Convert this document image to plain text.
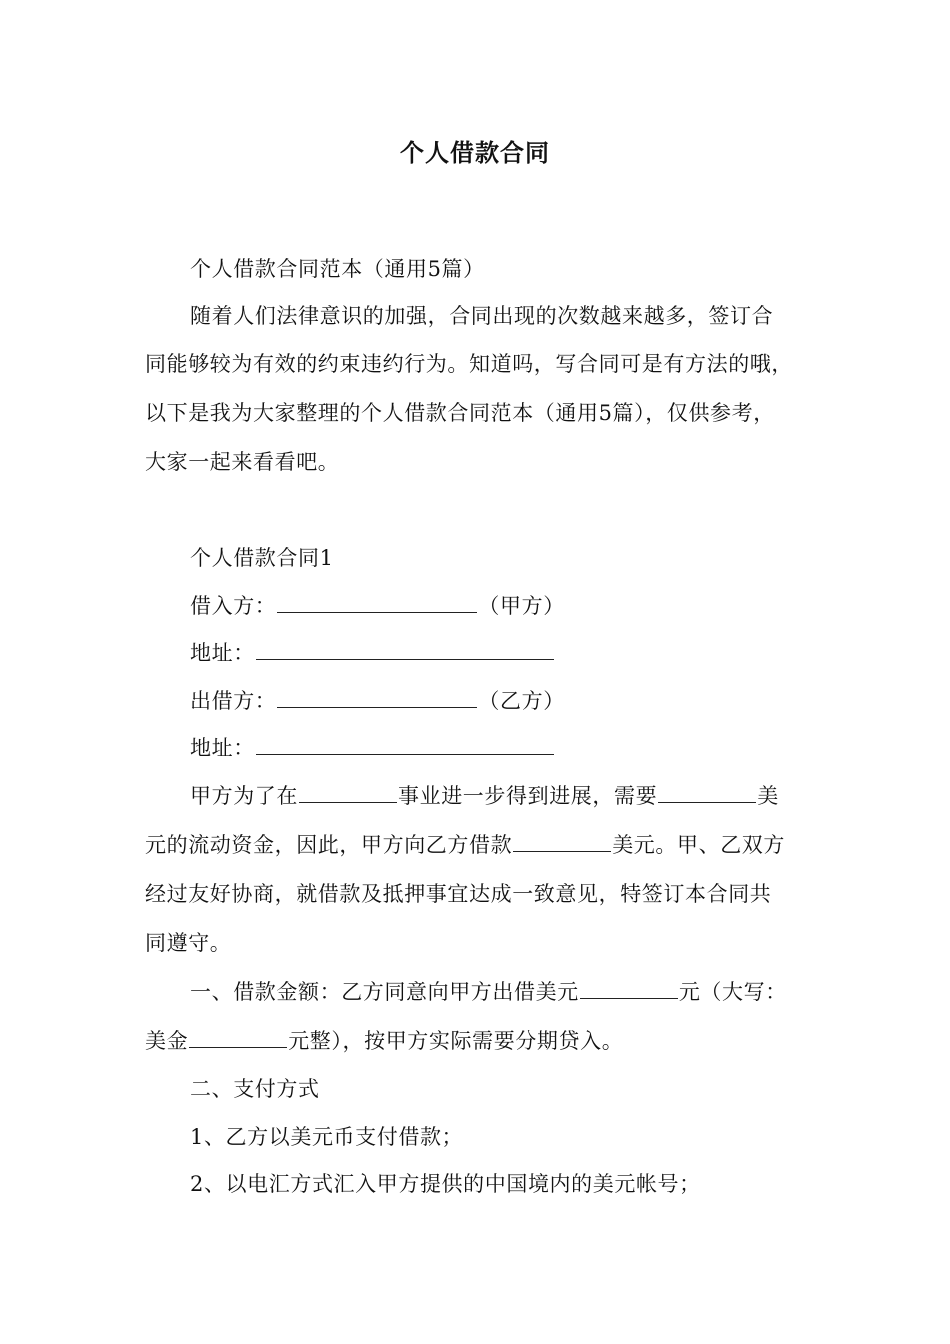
个人借款合同
个人借款合同范本（通用5篇）
随着人们法律意识的加强，合同出现的次数越来越多，签订合
同能够较为有效的约束违约行为。知道吗，写合同可是有方法的哦，
以下是我为大家整理的个人借款合同范本（通用5篇），仅供参考，
大家一起来看看吧。
个人借款合同1
借入方：	（甲方）
地址：
出借方：	（乙方）
地址：
甲方为了在	事业进一步得到进展，需要	美
元的流动资金，因此，甲方向乙方借款	美元。甲、乙双方
经过友好协商，就借款及抵押事宜达成一致意见，特签订本合同共
同遵守。
一、借款金额：乙方同意向甲方出借美元	元（大写：
美金	元整），按甲方实际需要分期贷入。
二、支付方式
1、乙方以美元币支付借款；
2、以电汇方式汇入甲方提供的中国境内的美元帐号；
